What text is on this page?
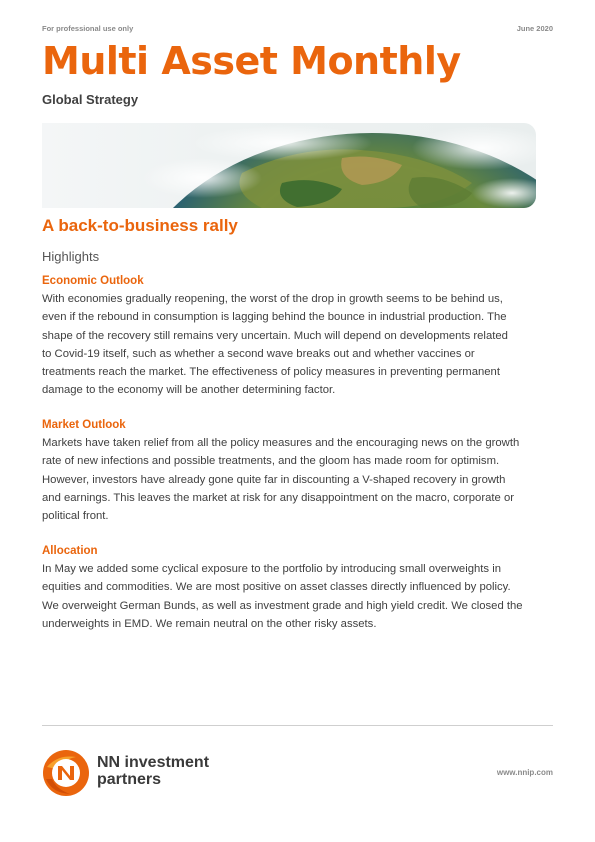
For professional use only	June 2020
Multi Asset Monthly
Global Strategy
A back-to-business rally
Highlights
Economic Outlook

With economies gradually reopening, the worst of the drop in growth seems to be behind us,
even if the rebound in consumption is lagging behind the bounce in industrial production. The
shape of the recovery still remains very uncertain. Much will depend on developments related
to Covid-19 itself, such as whether a second wave breaks out and whether vaccines or
treatments reach the market. The effectiveness of policy measures in preventing permanent
damage to the economy will be another determining factor.

Market Outlook

Markets have taken relief from all the policy measures and the encouraging news on the growth
rate of new infections and possible treatments, and the gloom has made room for optimism.
However, investors have already gone quite far in discounting a V-shaped recovery in growth
and earnings. This leaves the market at risk for any disappointment on the macro, corporate or
political front.

Allocation

In May we added some cyclical exposure to the portfolio by introducing small overweights in
equities and commodities. We are most positive on asset classes directly influenced by policy.
We overweight German Bunds, as well as investment grade and high yield credit. We closed the
underweights in EMD. We remain neutral on the other risky assets.

NN investment
partners	www.nnip.com
